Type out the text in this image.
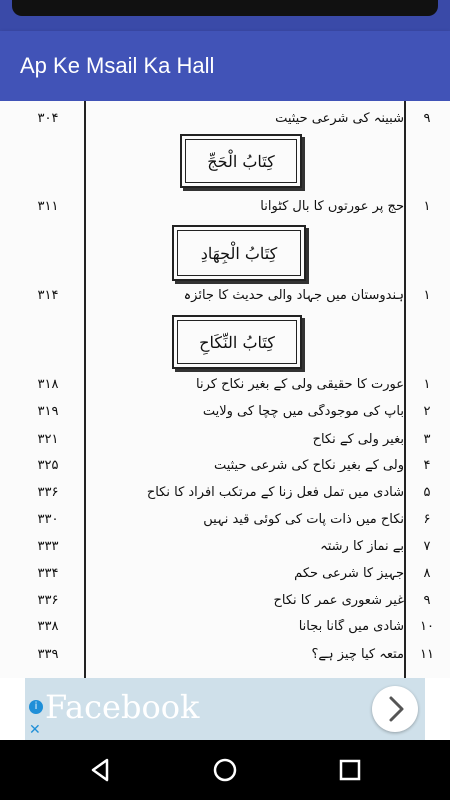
Ap Ke Msail Ka Hall
۳۰۴	شبینہ کی شرعی حیثیت	۹
كِتَابُ الْحَجِّ
۳۱۱	حج پر عورتوں کا بال کٹوانا	۱
كِتَابُ الْجِهَادِ
۳۱۴	ہندوستان میں جہاد والی حدیث کا جائزہ	۱
كِتَابُ النِّكَاحِ
۳۱۸	عورت کا حقیقی ولی کے بغیر نکاح کرنا	۱
۳۱۹	باپ کی موجودگی میں چچا کی ولایت	۲
۳۲۱	بغیر ولی کے نکاح	۳
۳۲۵	ولی کے بغیر نکاح کی شرعی حیثیت	۴
۳۳۶	شادی میں تمل فعل زنا کے مرتکب افراد کا نکاح	۵
۳۳۰	نکاح میں ذات پات کی کوئی قید نہیں	۶
۳۳۳	بے نماز کا رشتہ	۷
۳۳۴	جہیز کا شرعی حکم	۸
۳۳۶	غیر شعوری عمر کا نکاح	۹
۳۳۸	شادی میں گانا بجانا	۱۰
۳۳۹	متعہ کیا چیز ہے؟	۱۱
i
✕
Facebook
